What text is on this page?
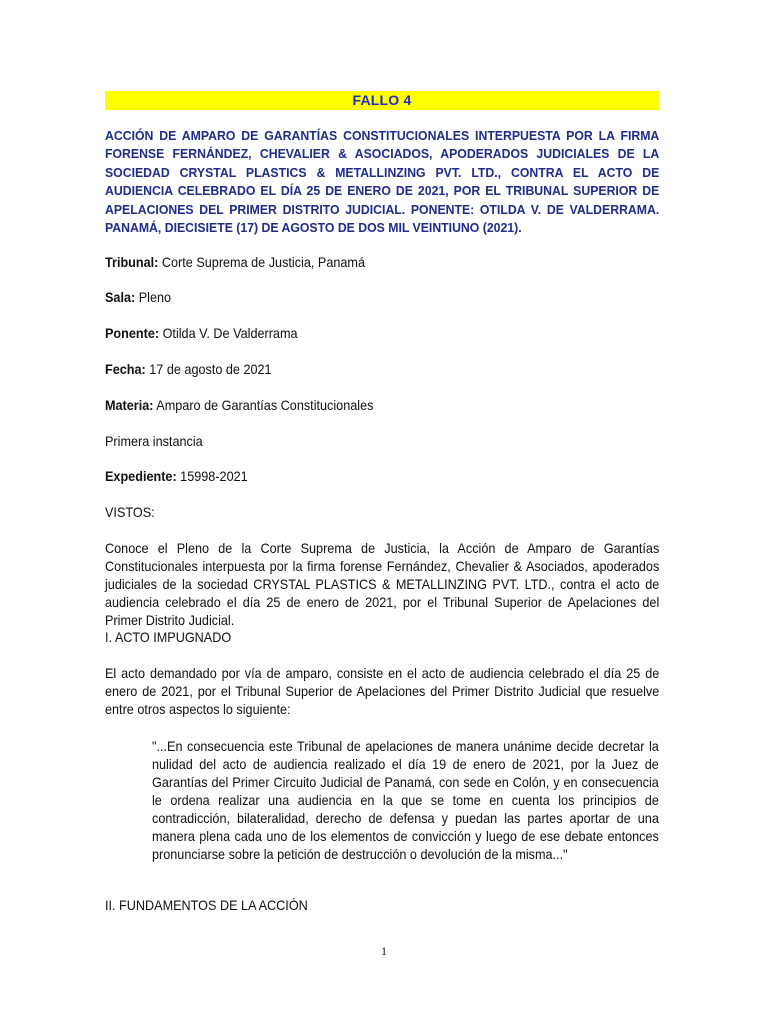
FALLO 4

ACCIÓN DE AMPARO DE GARANTÍAS CONSTITUCIONALES INTERPUESTA POR LA FIRMA FORENSE FERNÁNDEZ, CHEVALIER & ASOCIADOS, APODERADOS JUDICIALES DE LA SOCIEDAD CRYSTAL PLASTICS & METALLINZING PVT. LTD., CONTRA EL ACTO DE AUDIENCIA CELEBRADO EL DÍA 25 DE ENERO DE 2021, POR EL TRIBUNAL SUPERIOR DE APELACIONES DEL PRIMER DISTRITO JUDICIAL. PONENTE: OTILDA V. DE VALDERRAMA. PANAMÁ, DIECISIETE (17) DE AGOSTO DE DOS MIL VEINTIUNO (2021).

Tribunal: Corte Suprema de Justicia, Panamá

Sala: Pleno

Ponente: Otilda V. De Valderrama

Fecha: 17 de agosto de 2021

Materia: Amparo de Garantías Constitucionales

Primera instancia

Expediente: 15998-2021

VISTOS:

Conoce el Pleno de la Corte Suprema de Justicia, la Acción de Amparo de Garantías Constitucionales interpuesta por la firma forense Fernández, Chevalier & Asociados, apoderados judiciales de la sociedad CRYSTAL PLASTICS & METALLINZING PVT. LTD., contra el acto de audiencia celebrado el día 25 de enero de 2021, por el Tribunal Superior de Apelaciones del Primer Distrito Judicial.

I. ACTO IMPUGNADO

El acto demandado por vía de amparo, consiste en el acto de audiencia celebrado el día 25 de enero de 2021, por el Tribunal Superior de Apelaciones del Primer Distrito Judicial que resuelve entre otros aspectos lo siguiente:

"...En consecuencia este Tribunal de apelaciones de manera unánime decide decretar la nulidad del acto de audiencia realizado el día 19 de enero de 2021, por la Juez de Garantías del Primer Circuito Judicial de Panamá, con sede en Colón, y en consecuencia le ordena realizar una audiencia en la que se tome en cuenta los principios de contradicción, bilateralidad, derecho de defensa y puedan las partes aportar de una manera plena cada uno de los elementos de convicción y luego de ese debate entonces pronunciarse sobre la petición de destrucción o devolución de la misma..."

II. FUNDAMENTOS DE LA ACCIÓN

1
